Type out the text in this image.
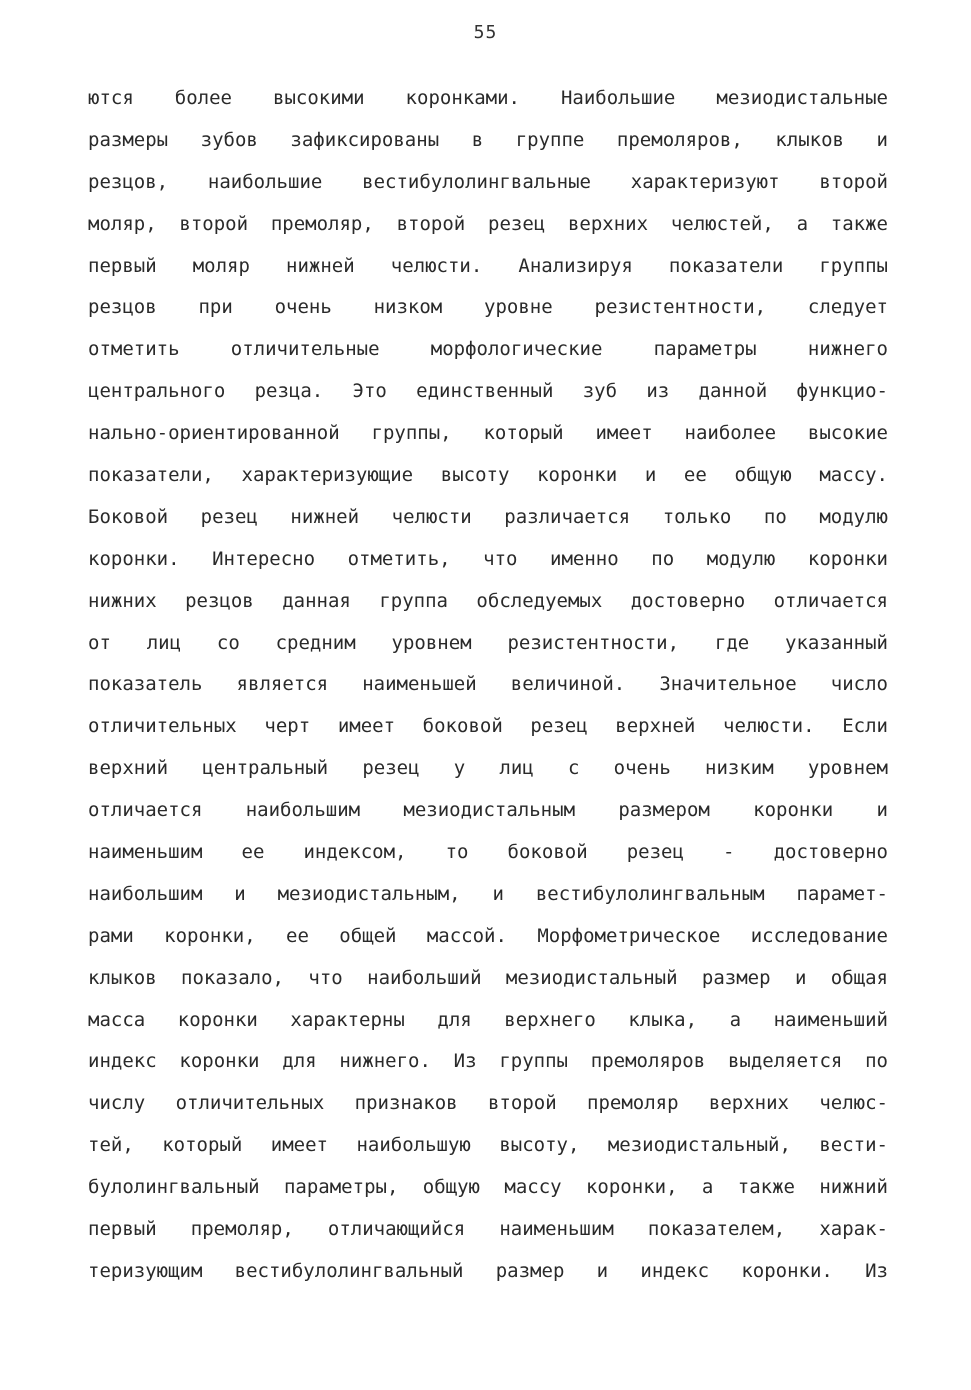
55
ются более высокими коронками. Наибольшие мезиодистальные
размеры зубов зафиксированы в группе премоляров, клыков и
резцов, наибольшие вестибулолингвальные характеризуют второй
моляр, второй премоляр, второй резец верхних челюстей, а также
первый моляр нижней челюсти. Анализируя показатели группы
резцов при очень низком уровне резистентности, следует
отметить отличительные морфологические параметры нижнего
центрального резца. Это единственный зуб из данной функцио-
нально-ориентированной группы, который имеет наиболее высокие
показатели, характеризующие высоту коронки и ее общую массу.
Боковой резец нижней челюсти различается только по модулю
коронки. Интересно отметить, что именно по модулю коронки
нижних резцов данная группа обследуемых достоверно отличается
от лиц со средним уровнем резистентности, где указанный
показатель является наименьшей величиной. Значительное число
отличительных черт имеет боковой резец верхней челюсти. Если
верхний центральный резец у лиц с очень низким уровнем
отличается наибольшим мезиодистальным размером коронки и
наименьшим ее индексом, то боковой резец - достоверно
наибольшим и мезиодистальным, и вестибулолингвальным парамет-
рами коронки, ее общей массой. Морфометрическое исследование
клыков показало, что наибольший мезиодистальный размер и общая
масса коронки характерны для верхнего клыка, а наименьший
индекс коронки для нижнего. Из группы премоляров выделяется по
числу отличительных признаков второй премоляр верхних челюс-
тей, который имеет наибольшую высоту, мезиодистальный, вести-
булолингвальный параметры, общую массу коронки, а также нижний
первый премоляр, отличающийся наименьшим показателем, харак-
теризующим вестибулолингвальный размер и индекс коронки. Из
